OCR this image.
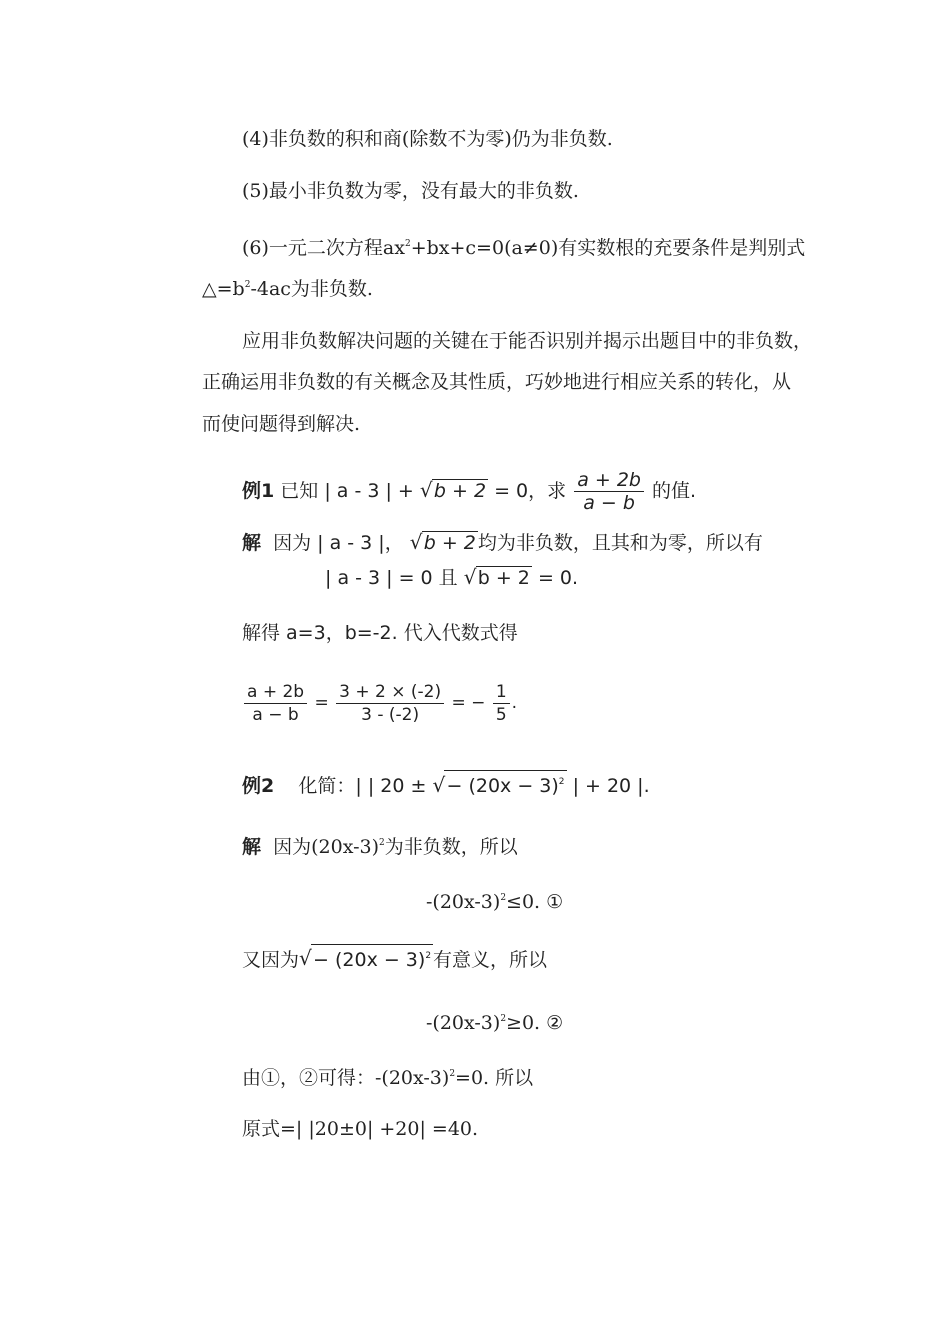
(4)非负数的积和商(除数不为零)仍为非负数.
(5)最小非负数为零，没有最大的非负数.
(6)一元二次方程$ax^2+bx+c=0(a\ne 0)$有实数根的充要条件是判别式
$\triangle=b^2-4ac$为非负数.
应用非负数解决问题的关键在于能否识别并揭示出题目中的非负数，
正确运用非负数的有关概念及其性质，巧妙地进行相应关系的转化，从
而使问题得到解决.
例1 已知 | a - 3 | + √ b + 2 = 0，求 $\frac{a + 2b}{a - b}$ 的值.
解 因为 | a - 3 |， √ b + 2 均为非负数，且其和为零，所以有
| a - 3 | = 0 且 √ b + 2 = 0.
解得 a=3，b=-2. 代入代数式得
$\frac{a + 2b}{a - b} = \frac{3 + 2 \times (-2)}{3 - (-2)}$ = − $\frac{1}{5}$ .
例2 化简：| | 20 ± √ − $(20x - 3)^2$ | + 20 |.
解 因为$(20x-3)^2$为非负数，所以
$-(20x-3)^2\le 0$. ①
又因为 √ − $(20x - 3)^2$ 有意义，所以
$-(20x-3)^2\ge 0$. ②
由①，②可得：$-(20x-3)^2=0$. 所以
原式=| |20±0| +20| =40.
